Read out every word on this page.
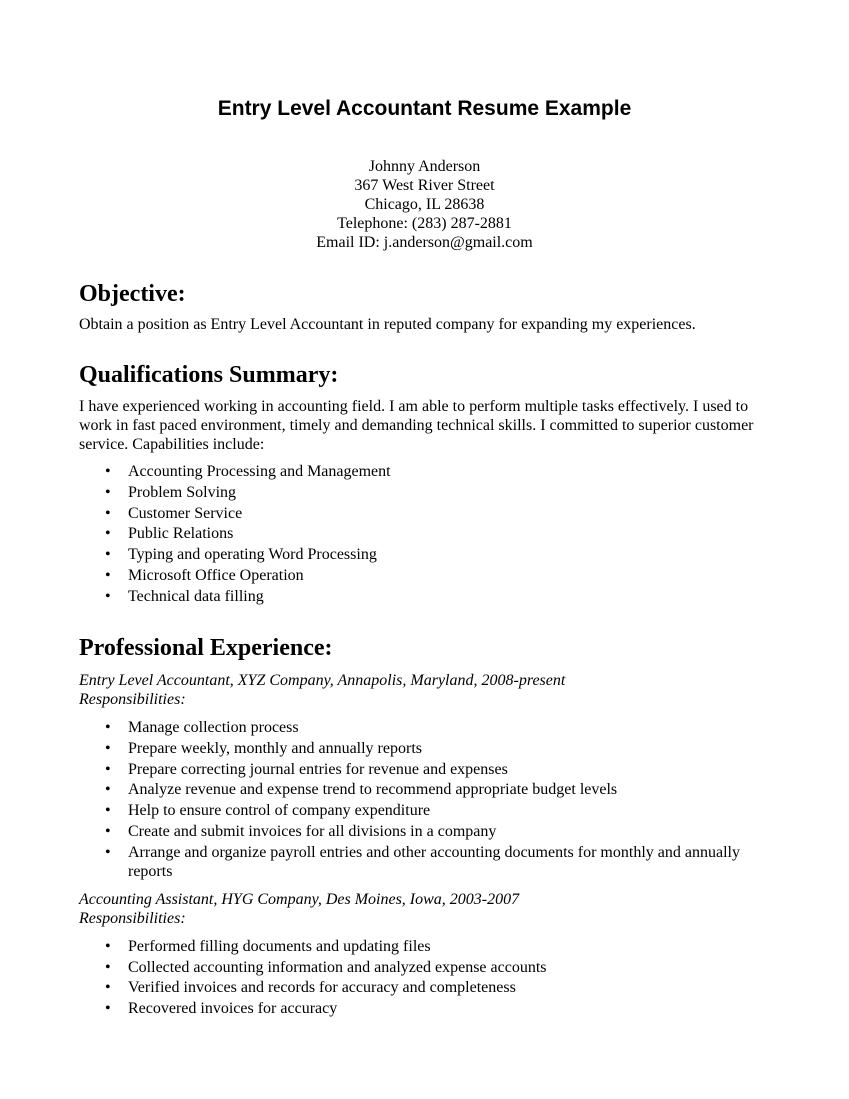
Entry Level Accountant Resume Example
Johnny Anderson
367 West River Street
Chicago, IL 28638
Telephone: (283) 287-2881
Email ID: j.anderson@gmail.com
Objective:

Obtain a position as Entry Level Accountant in reputed company for expanding my experiences.

Qualifications Summary:

I have experienced working in accounting field. I am able to perform multiple tasks effectively. I used to work in fast paced environment, timely and demanding technical skills. I committed to superior customer service. Capabilities include:

• Accounting Processing and Management
• Problem Solving
• Customer Service
• Public Relations
• Typing and operating Word Processing
• Microsoft Office Operation
• Technical data filling
Professional Experience:
Entry Level Accountant, XYZ Company, Annapolis, Maryland, 2008-present
Responsibilities:
• Manage collection process
• Prepare weekly, monthly and annually reports
• Prepare correcting journal entries for revenue and expenses
• Analyze revenue and expense trend to recommend appropriate budget levels
• Help to ensure control of company expenditure
• Create and submit invoices for all divisions in a company
• Arrange and organize payroll entries and other accounting documents for monthly and annually reports
Accounting Assistant, HYG Company, Des Moines, Iowa, 2003-2007
Responsibilities:
• Performed filling documents and updating files
• Collected accounting information and analyzed expense accounts
• Verified invoices and records for accuracy and completeness
• Recovered invoices for accuracy
